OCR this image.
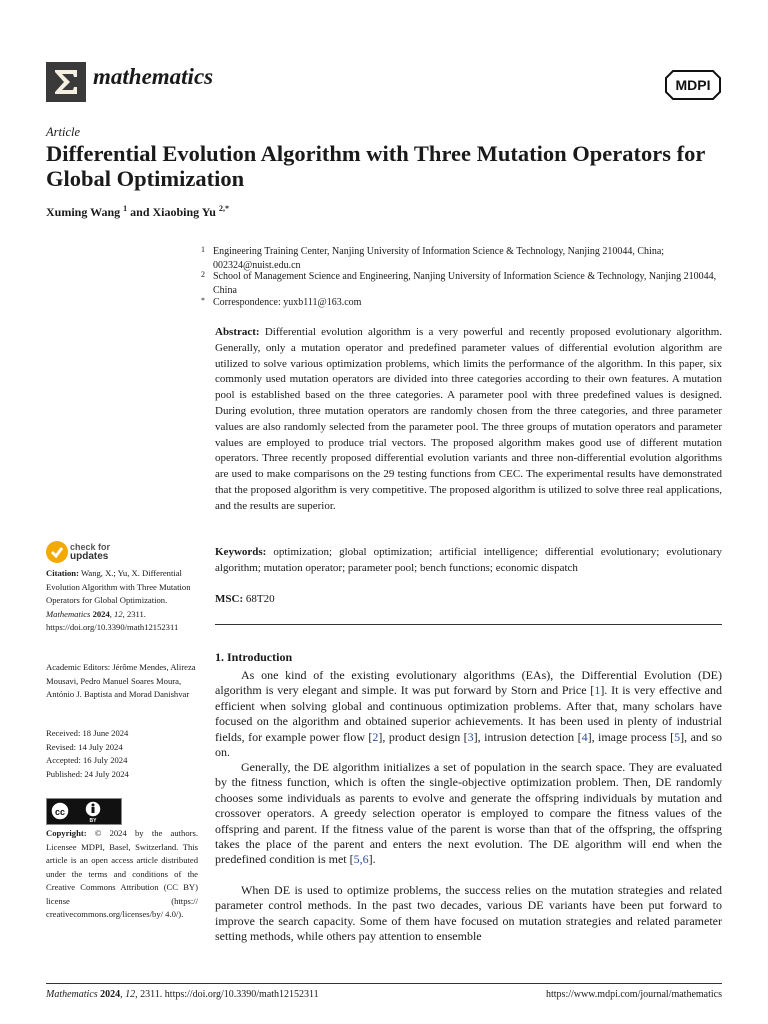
mathematics	MDPI
Article
Differential Evolution Algorithm with Three Mutation Operators for Global Optimization
Xuming Wang $^1$ and Xiaobing Yu $^{2,*}$
1 Engineering Training Center, Nanjing University of Information Science & Technology, Nanjing 210044, China; 002324@nuist.edu.cn
2 School of Management Science and Engineering, Nanjing University of Information Science & Technology, Nanjing 210044, China
* Correspondence: yuxb111@163.com
Abstract: Differential evolution algorithm is a very powerful and recently proposed evolutionary algorithm. Generally, only a mutation operator and predefined parameter values of differential evolution algorithm are utilized to solve various optimization problems, which limits the performance of the algorithm. In this paper, six commonly used mutation operators are divided into three categories according to their own features. A mutation pool is established based on the three categories. A parameter pool with three predefined values is designed. During evolution, three mutation operators are randomly chosen from the three categories, and three parameter values are also randomly selected from the parameter pool. The three groups of mutation operators and parameter values are employed to produce trial vectors. The proposed algorithm makes good use of different mutation operators. Three recently proposed differential evolution variants and three non-differential evolution algorithms are used to make comparisons on the 29 testing functions from CEC. The experimental results have demonstrated that the proposed algorithm is very competitive. The proposed algorithm is utilized to solve three real applications, and the results are superior.
Keywords: optimization; global optimization; artificial intelligence; differential evolutionary; evolutionary algorithm; mutation operator; parameter pool; bench functions; economic dispatch
MSC: 68T20
check for
updates
Citation: Wang, X.; Yu, X. Differential Evolution Algorithm with Three Mutation Operators for Global Optimization. Mathematics 2024, 12, 2311. https://doi.org/10.3390/math12152311
Academic Editors: Jérôme Mendes, Alireza Mousavi, Pedro Manuel Soares Moura, António J. Baptista and Morad Danishvar
Received: 18 June 2024
Revised: 14 July 2024
Accepted: 16 July 2024
Published: 24 July 2024
cc
BY
Copyright: © 2024 by the authors. Licensee MDPI, Basel, Switzerland. This article is an open access article distributed under the terms and conditions of the Creative Commons Attribution (CC BY) license (https:// creativecommons.org/licenses/by/ 4.0/).
1. Introduction
As one kind of the existing evolutionary algorithms (EAs), the Differential Evolution (DE) algorithm is very elegant and simple. It was put forward by Storn and Price [1]. It is very effective and efficient when solving global and continuous optimization problems. After that, many scholars have focused on the algorithm and obtained superior achievements. It has been used in plenty of industrial fields, for example power flow [2], product design [3], intrusion detection [4], image process [5], and so on.
Generally, the DE algorithm initializes a set of population in the search space. They are evaluated by the fitness function, which is often the single-objective optimization problem. Then, DE randomly chooses some individuals as parents to evolve and generate the offspring individuals by mutation and crossover operators. A greedy selection operator is employed to compare the fitness values of the offspring and parent. If the fitness value of the parent is worse than that of the offspring, the offspring takes the place of the parent and enters the next evolution. The DE algorithm will end when the predefined condition is met [5,6].
When DE is used to optimize problems, the success relies on the mutation strategies and related parameter control methods. In the past two decades, various DE variants have been put forward to improve the search capacity. Some of them have focused on mutation strategies and related parameter setting methods, while others pay attention to ensemble
Mathematics 2024, 12, 2311. https://doi.org/10.3390/math12152311	https://www.mdpi.com/journal/mathematics
